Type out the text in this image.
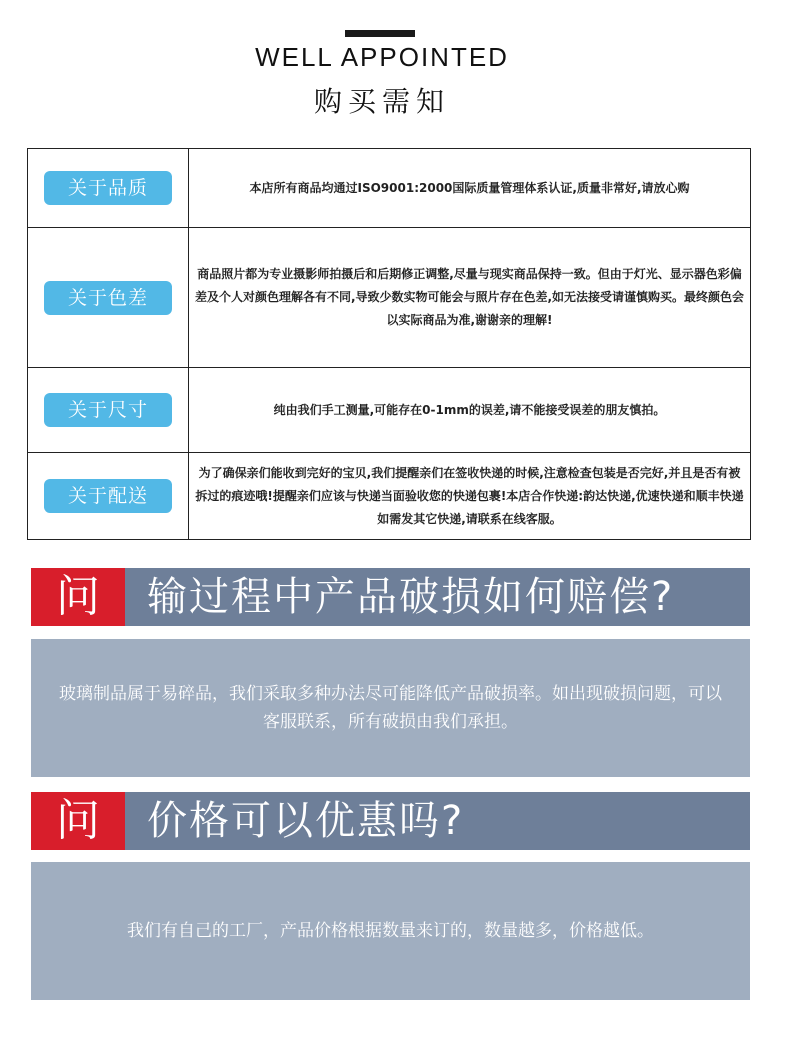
WELL APPOINTED
购买需知
关于品质	本店所有商品均通过ISO9001:2000国际质量管理体系认证,质量非常好,请放心购
关于色差	商品照片都为专业摄影师拍摄后和后期修正调整,尽量与现实商品保持一致。但由于灯光、显示器色彩偏差及个人对颜色理解各有不同,导致少数实物可能会与照片存在色差,如无法接受请谨慎购买。最终颜色会以实际商品为准,谢谢亲的理解!
关于尺寸	纯由我们手工测量,可能存在0-1mm的误差,请不能接受误差的朋友慎拍。
关于配送	为了确保亲们能收到完好的宝贝,我们提醒亲们在签收快递的时候,注意检查包装是否完好,并且是否有被拆过的痕迹哦!提醒亲们应该与快递当面验收您的快递包裹!本店合作快递:韵达快递,优速快递和顺丰快递如需发其它快递,请联系在线客服。
问	输过程中产品破损如何赔偿?
玻璃制品属于易碎品，我们采取多种办法尽可能降低产品破损率。如出现破损问题，可以客服联系，所有破损由我们承担。
问	价格可以优惠吗?
我们有自己的工厂，产品价格根据数量来订的，数量越多，价格越低。
